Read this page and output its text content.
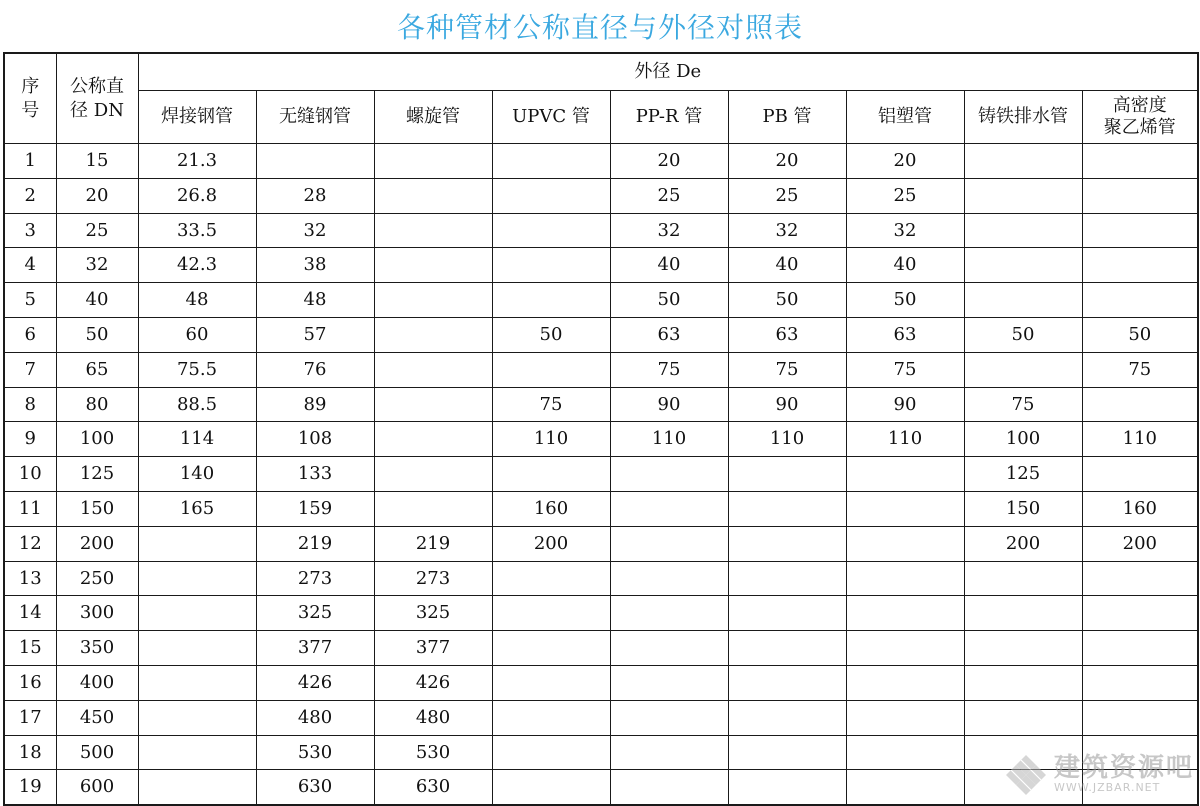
各种管材公称直径与外径对照表
序
号	公称直
径 DN	外径 De								
		焊接钢管	无缝钢管	螺旋管	UPVC 管	PP-R 管	PB 管	铝塑管	铸铁排水管	高密度
聚乙烯管
1	15	21.3				20	20	20		
2	20	26.8	28			25	25	25		
3	25	33.5	32			32	32	32		
4	32	42.3	38			40	40	40		
5	40	48	48			50	50	50		
6	50	60	57		50	63	63	63	50	50
7	65	75.5	76			75	75	75		75
8	80	88.5	89		75	90	90	90	75	
9	100	114	108		110	110	110	110	100	110
10	125	140	133						125	
11	150	165	159		160				150	160
12	200		219	219	200				200	200
13	250		273	273						
14	300		325	325						
15	350		377	377						
16	400		426	426						
17	450		480	480						
18	500		530	530						
19	600		630	630						
建筑资源吧
WWW.JZBAR.NET
